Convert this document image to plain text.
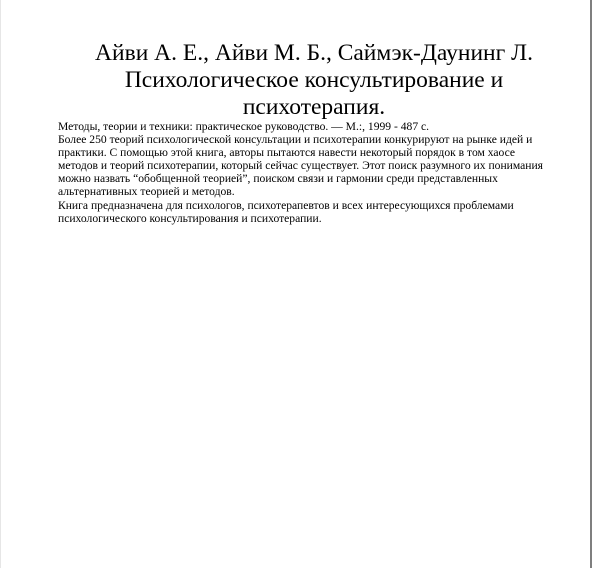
Айви А. Е., Айви М. Б., Саймэк-Даунинг Л.
Психологическое консультирование и
психотерапия.
Методы, теории и техники: практическое руководство. — М.:, 1999 - 487 с.
Более 250 теорий психологической консультации и психотерапии конкурируют на рынке идей и
практики. С помощью этой книга, авторы пытаются навести некоторый порядок в том хаосе
методов и теорий психотерапии, который сейчас существует. Этот поиск разумного их понимания
можно назвать “обобщенной теорией”, поиском связи и гармонии среди представленных
альтернативных теорией и методов.
Книга предназначена для психологов, психотерапевтов и всех интересующихся проблемами
психологического консультирования и психотерапии.
